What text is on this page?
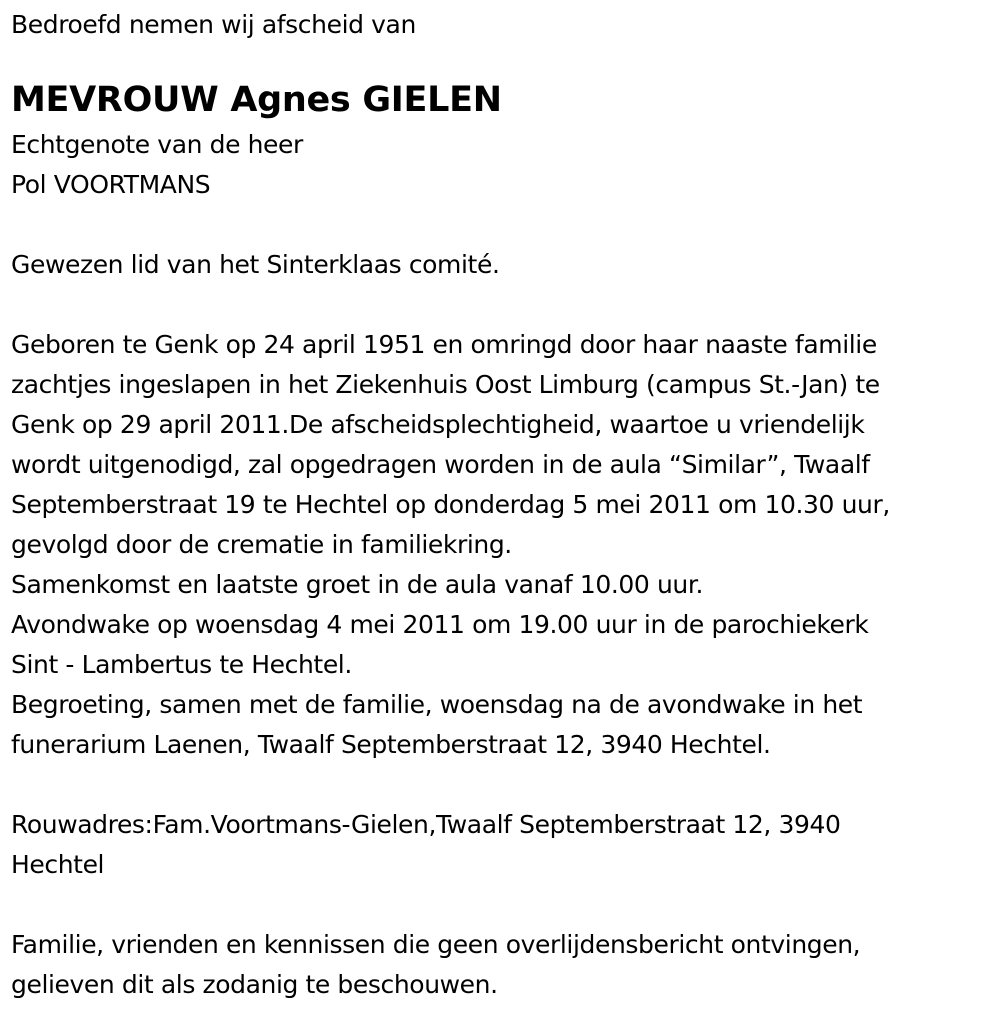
Bedroefd nemen wij afscheid van
MEVROUW Agnes GIELEN
Echtgenote van de heer
Pol VOORTMANS
Gewezen lid van het Sinterklaas comité.
Geboren te Genk op 24 april 1951 en omringd door haar naaste familie
zachtjes ingeslapen in het Ziekenhuis Oost Limburg (campus St.-Jan) te
Genk op 29 april 2011.De afscheidsplechtigheid, waartoe u vriendelijk
wordt uitgenodigd, zal opgedragen worden in de aula “Similar”, Twaalf
Septemberstraat 19 te Hechtel op donderdag 5 mei 2011 om 10.30 uur,
gevolgd door de crematie in familiekring.
Samenkomst en laatste groet in de aula vanaf 10.00 uur.
Avondwake op woensdag 4 mei 2011 om 19.00 uur in de parochiekerk
Sint - Lambertus te Hechtel.
Begroeting, samen met de familie, woensdag na de avondwake in het
funerarium Laenen, Twaalf Septemberstraat 12, 3940 Hechtel.
Rouwadres:Fam.Voortmans-Gielen,Twaalf Septemberstraat 12, 3940
Hechtel
Familie, vrienden en kennissen die geen overlijdensbericht ontvingen,
gelieven dit als zodanig te beschouwen.
